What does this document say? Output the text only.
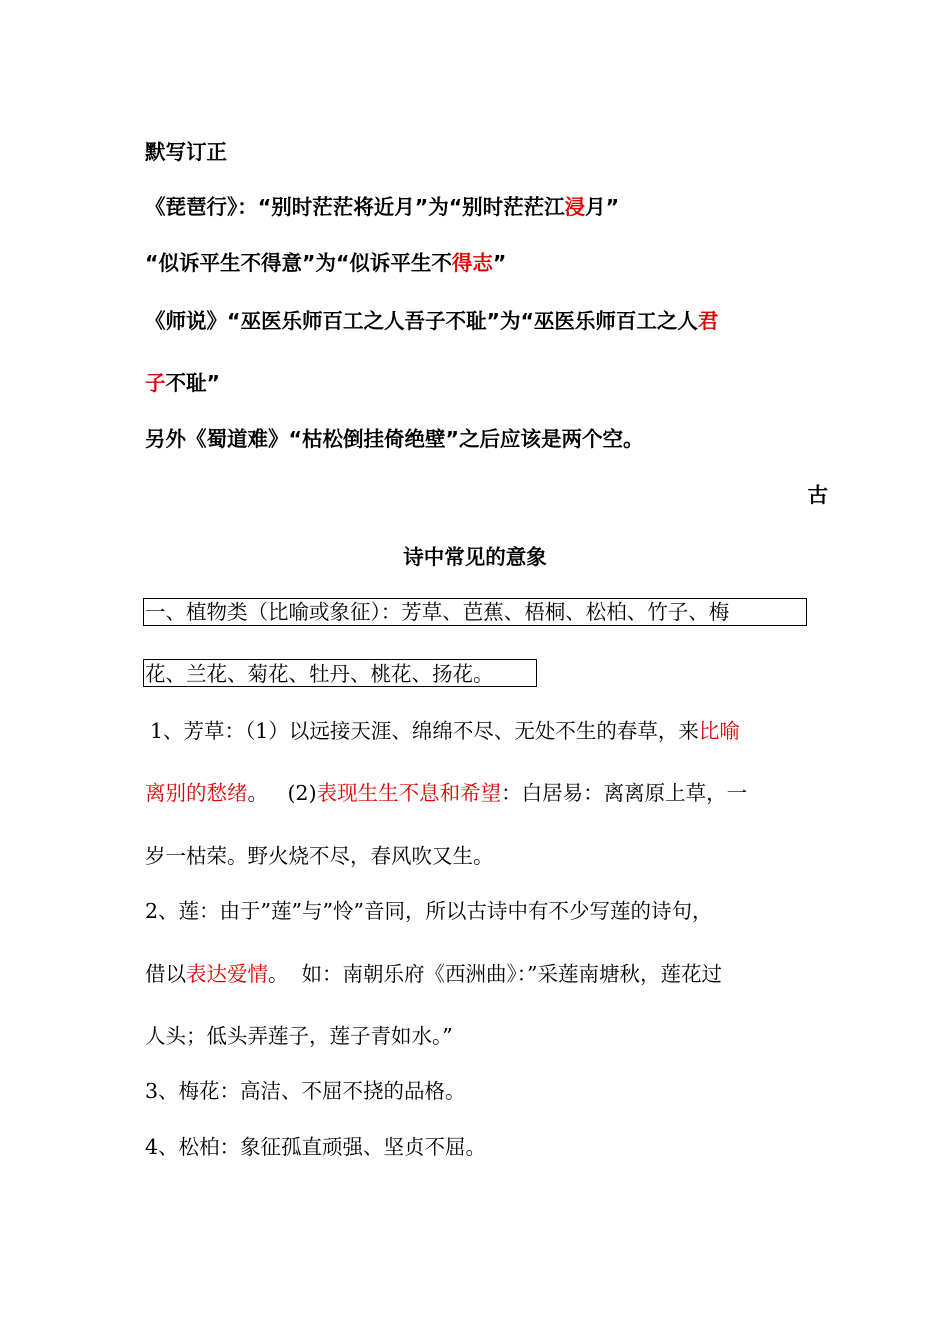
默写订正
《琵琶行》：“别时茫茫将近月”为“别时茫茫江浸月”
“似诉平生不得意”为“似诉平生不得志”
《师说》“巫医乐师百工之人吾子不耻”为“巫医乐师百工之人君
子不耻”
另外《蜀道难》“枯松倒挂倚绝壁”之后应该是两个空。
古
诗中常见的意象
一、植物类（比喻或象征）：芳草、芭蕉、梧桐、松柏、竹子、梅
花、兰花、菊花、牡丹、桃花、扬花。
1、芳草：（1）以远接天涯、绵绵不尽、无处不生的春草，来比喻
离别的愁绪。   (2)表现生生不息和希望：白居易：离离原上草，一
岁一枯荣。野火烧不尽，春风吹又生。
2、莲：由于”莲”与”怜”音同，所以古诗中有不少写莲的诗句，
借以表达爱情。  如：南朝乐府《西洲曲》：”采莲南塘秋，莲花过
人头；低头弄莲子，莲子青如水。”
3、梅花：高洁、不屈不挠的品格。
4、松柏：象征孤直顽强、坚贞不屈。
